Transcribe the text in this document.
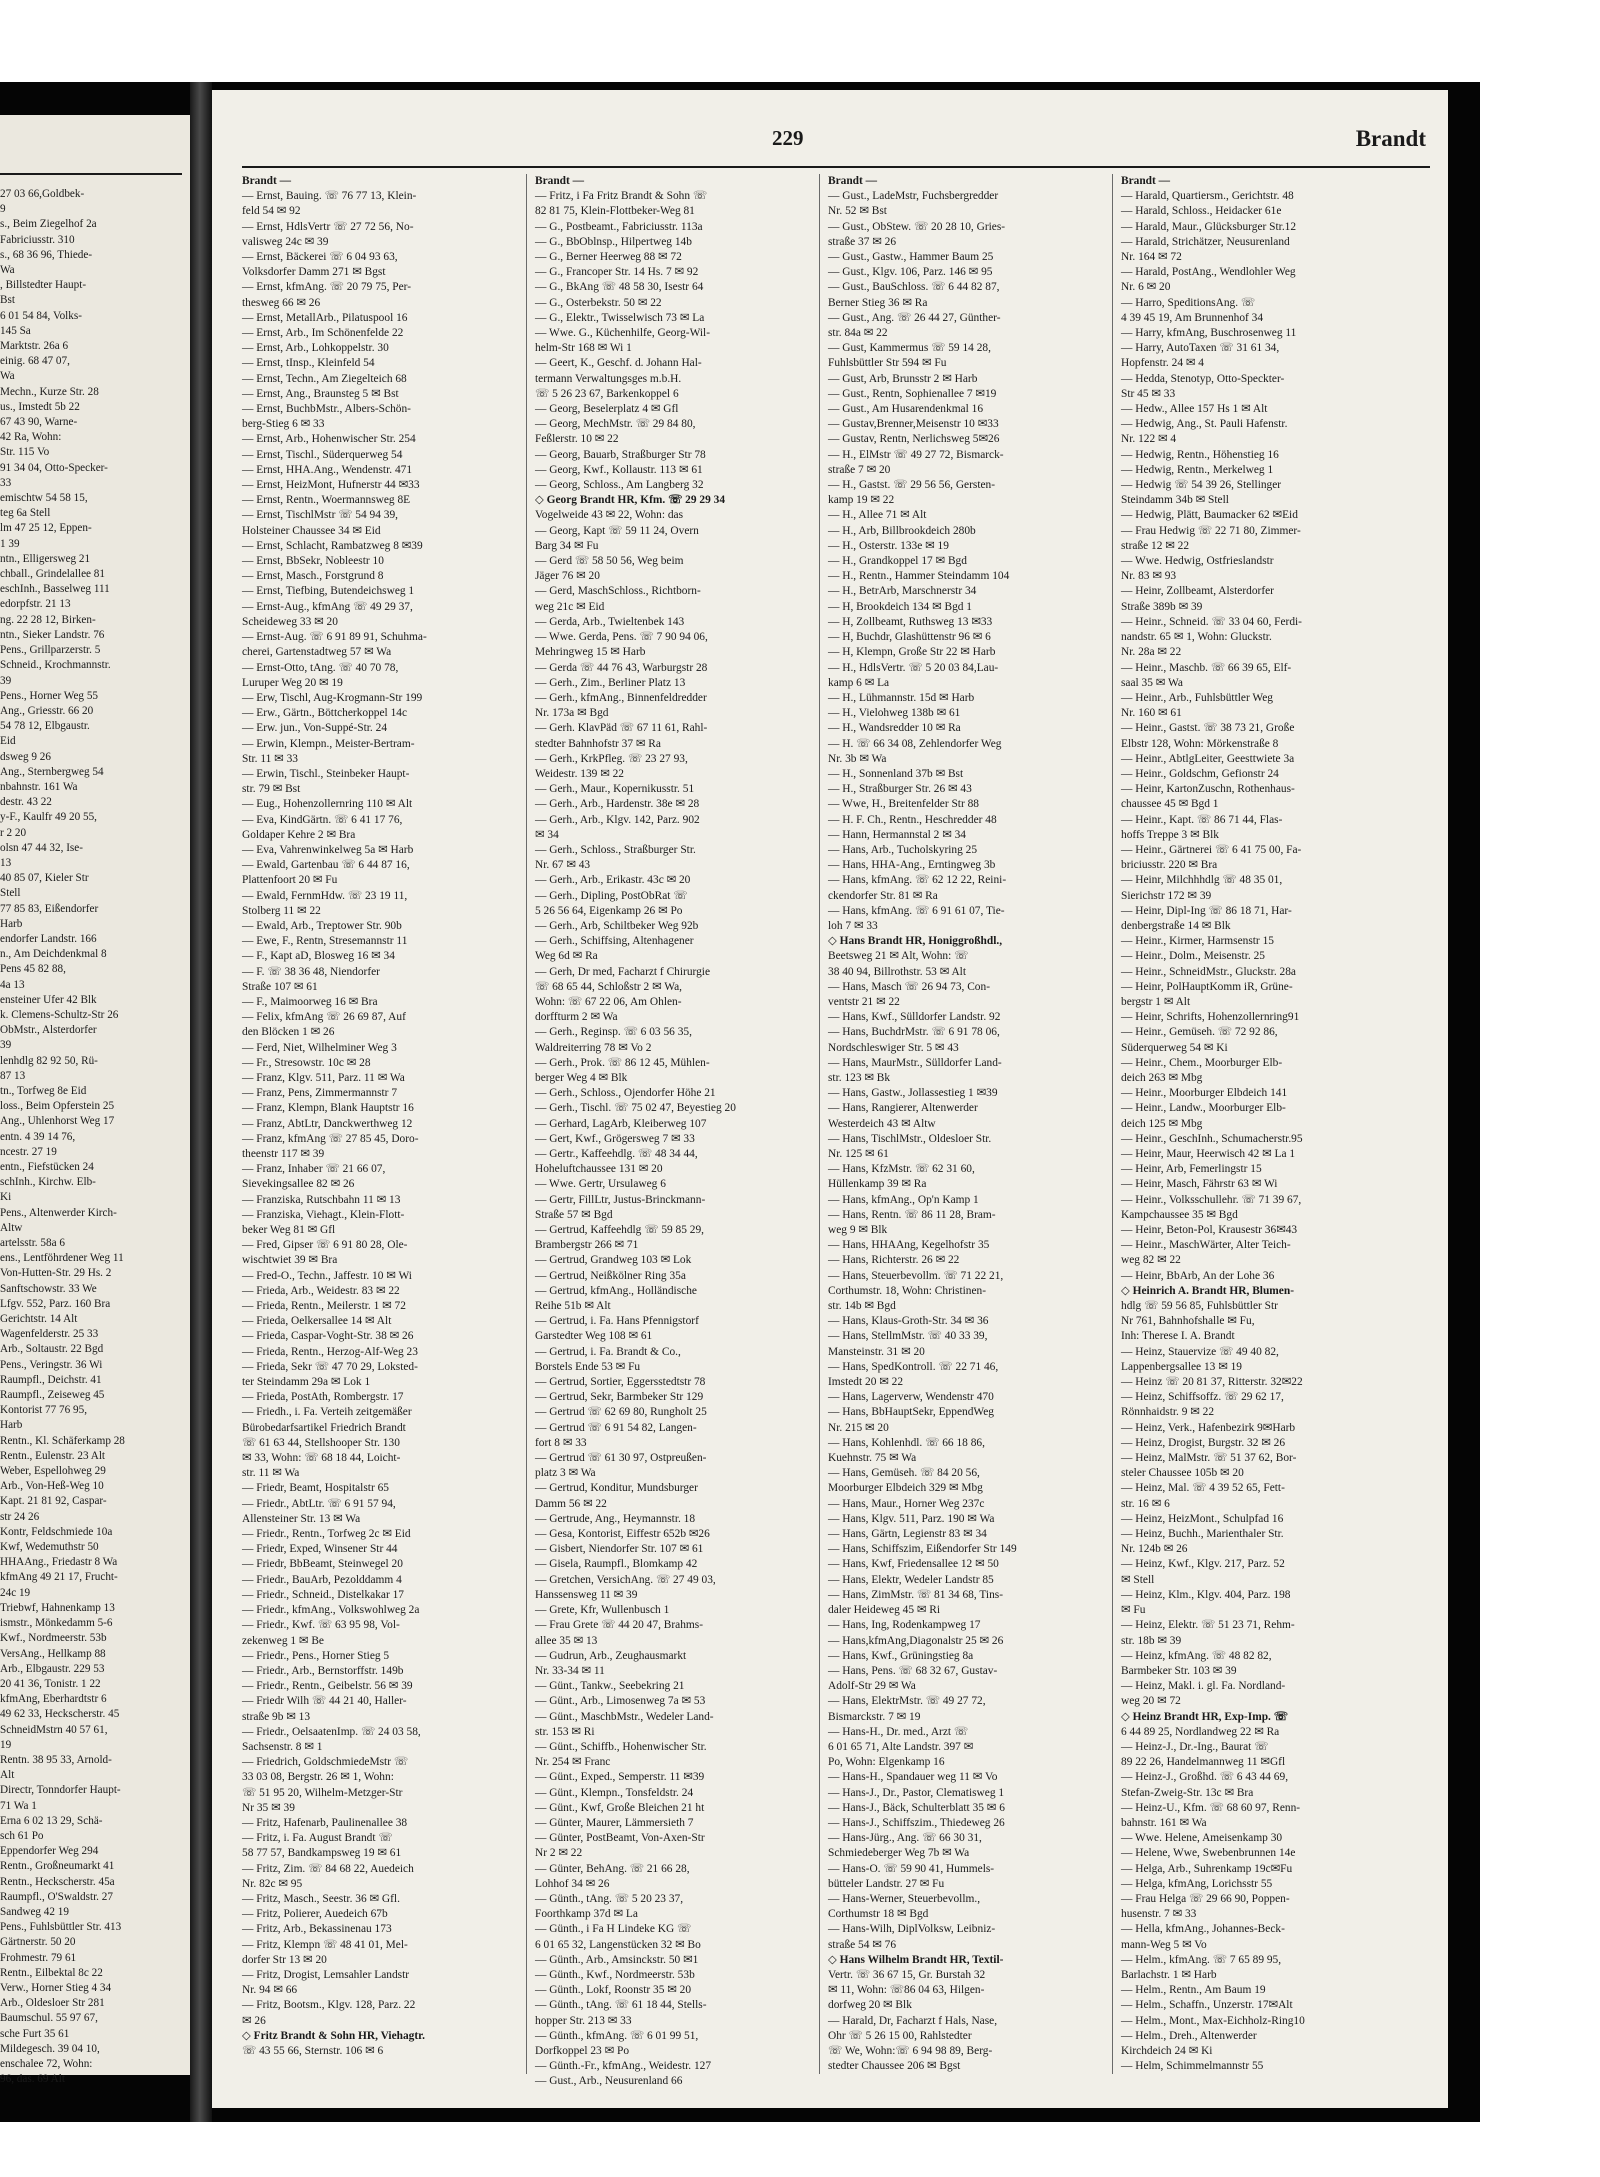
27 03 66,Goldbek-
9
s., Beim Ziegelhof 2a
Fabriciusstr. 310
s., 68 36 96, Thiede-
Wa
, Billstedter Haupt-
Bst
6 01 54 84, Volks-
145 Sa
Marktstr. 26a 6
einig. 68 47 07,
Wa
Mechn., Kurze Str. 28
us., Imstedt 5b 22
67 43 90, Warne-
42 Ra, Wohn:
Str. 115 Vo
91 34 04, Otto-Specker-
33
emischtw 54 58 15,
teg 6a Stell
lm 47 25 12, Eppen-
1 39
ntn., Elligersweg 21
chball., Grindelallee 81
eschInh., Basselweg 111
edorpfstr. 21 13
ng. 22 28 12, Birken-
ntn., Sieker Landstr. 76
Pens., Grillparzerstr. 5
Schneid., Krochmannstr.
39
Pens., Horner Weg 55
Ang., Griesstr. 66 20
54 78 12, Elbgaustr.
Eid
dsweg 9 26
Ang., Sternbergweg 54
nbahnstr. 161 Wa
destr. 43 22
y-F., Kaulfr 49 20 55,
r 2 20
olsn 47 44 32, Ise-
13
40 85 07, Kieler Str
Stell
77 85 83, Eißendorfer
Harb
endorfer Landstr. 166
n., Am Deichdenkmal 8
Pens 45 82 88,
4a 13
ensteiner Ufer 42 Blk
k. Clemens-Schultz-Str 26
ObMstr., Alsterdorfer
39
lenhdlg 82 92 50, Rü-
87 13
tn., Torfweg 8e Eid
loss., Beim Opferstein 25
Ang., Uhlenhorst Weg 17
entn. 4 39 14 76,
ncestr. 27 19
entn., Fiefstücken 24
schInh., Kirchw. Elb-
Ki
Pens., Altenwerder Kirch-
Altw
artelsstr. 58a 6
ens., Lentföhrdener Weg 11
Von-Hutten-Str. 29 Hs. 2
Sanftschowstr. 33 We
Lfgv. 552, Parz. 160 Bra
Gerichtstr. 14 Alt
Wagenfelderstr. 25 33
Arb., Soltaustr. 22 Bgd
Pens., Veringstr. 36 Wi
Raumpfl., Deichstr. 41
Raumpfl., Zeiseweg 45
Kontorist 77 76 95,
Harb
Rentn., Kl. Schäferkamp 28
Rentn., Eulenstr. 23 Alt
Weber, Espellohweg 29
Arb., Von-Heß-Weg 10
Kapt. 21 81 92, Caspar-
str 24 26
Kontr, Feldschmiede 10a
Kwf, Wedemuthstr 50
HHAAng., Friedastr 8 Wa
kfmAng 49 21 17, Frucht-
24c 19
Triebwf, Hahnenkamp 13
ismstr., Mönkedamm 5-6
Kwf., Nordmeerstr. 53b
VersAng., Hellkamp 88
Arb., Elbgaustr. 229 53
20 41 36, Tonistr. 1 22
kfmAng, Eberhardtstr 6
49 62 33, Heckscherstr. 45
SchneidMstrn 40 57 61,
19
Rentn. 38 95 33, Arnold-
Alt
Directr, Tonndorfer Haupt-
71 Wa 1
Erna 6 02 13 29, Schä-
sch 61 Po
Eppendorfer Weg 294
Rentn., Großneumarkt 41
Rentn., Heckscherstr. 45a
Raumpfl., O'Swaldstr. 27
Sandweg 42 19
Pens., Fuhlsbüttler Str. 413
Gärtnerstr. 50 20
Frohmestr. 79 61
Rentn., Eilbektal 8c 22
Verw., Horner Stieg 4 34
Arb., Oldesloer Str 281
Baumschul. 55 97 67,
sche Furt 35 61
Mildegesch. 39 04 10,
enschalee 72, Wohn:
96, das. 69 Alt
229	Brandt
Brandt —
— Ernst, Bauing. ☏ 76 77 13, Klein-
feld 54 ✉ 92
— Ernst, HdlsVertr ☏ 27 72 56, No-
valisweg 24c ✉ 39
— Ernst, Bäckerei ☏ 6 04 93 63,
Volksdorfer Damm 271 ✉ Bgst
— Ernst, kfmAng. ☏ 20 79 75, Per-
thesweg 66 ✉ 26
— Ernst, MetallArb., Pilatuspool 16
— Ernst, Arb., Im Schönenfelde 22
— Ernst, Arb., Lohkoppelstr. 30
— Ernst, tInsp., Kleinfeld 54
— Ernst, Techn., Am Ziegelteich 68
— Ernst, Ang., Braunsteg 5 ✉ Bst
— Ernst, BuchbMstr., Albers-Schön-
berg-Stieg 6 ✉ 33
— Ernst, Arb., Hohenwischer Str. 254
— Ernst, Tischl., Süderquerweg 54
— Ernst, HHA.Ang., Wendenstr. 471
— Ernst, HeizMont, Hufnerstr 44 ✉33
— Ernst, Rentn., Woermannsweg 8E
— Ernst, TischlMstr ☏ 54 94 39,
Holsteiner Chaussee 34 ✉ Eid
— Ernst, Schlacht, Rambatzweg 8 ✉39
— Ernst, BbSekr, Nobleestr 10
— Ernst, Masch., Forstgrund 8
— Ernst, Tiefbing, Butendeichsweg 1
— Ernst-Aug., kfmAng ☏ 49 29 37,
Scheideweg 33 ✉ 20
— Ernst-Aug. ☏ 6 91 89 91, Schuhma-
cherei, Gartenstadtweg 57 ✉ Wa
— Ernst-Otto, tAng. ☏ 40 70 78,
Luruper Weg 20 ✉ 19
— Erw, Tischl, Aug-Krogmann-Str 199
— Erw., Gärtn., Böttcherkoppel 14c
— Erw. jun., Von-Suppé-Str. 24
— Erwin, Klempn., Meister-Bertram-
Str. 11 ✉ 33
— Erwin, Tischl., Steinbeker Haupt-
str. 79 ✉ Bst
— Eug., Hohenzollernring 110 ✉ Alt
— Eva, KindGärtn. ☏ 6 41 17 76,
Goldaper Kehre 2 ✉ Bra
— Eva, Vahrenwinkelweg 5a ✉ Harb
— Ewald, Gartenbau ☏ 6 44 87 16,
Plattenfoort 20 ✉ Fu
— Ewald, FernmHdw. ☏ 23 19 11,
Stolberg 11 ✉ 22
— Ewald, Arb., Treptower Str. 90b
— Ewe, F., Rentn, Stresemannstr 11
— F., Kapt aD, Blosweg 16 ✉ 34
— F. ☏ 38 36 48, Niendorfer
Straße 107 ✉ 61
— F., Maimoorweg 16 ✉ Bra
— Felix, kfmAng ☏ 26 69 87, Auf
den Blöcken 1 ✉ 26
— Ferd, Niet, Wilhelminer Weg 3
— Fr., Stresowstr. 10c ✉ 28
— Franz, Klgv. 511, Parz. 11 ✉ Wa
— Franz, Pens, Zimmermannstr 7
— Franz, Klempn, Blank Hauptstr 16
— Franz, AbtLtr, Danckwerthweg 12
— Franz, kfmAng ☏ 27 85 45, Doro-
theenstr 117 ✉ 39
— Franz, Inhaber ☏ 21 66 07,
Sievekingsallee 82 ✉ 26
— Franziska, Rutschbahn 11 ✉ 13
— Franziska, Viehagt., Klein-Flott-
beker Weg 81 ✉ Gfl
— Fred, Gipser ☏ 6 91 80 28, Ole-
wischtwiet 39 ✉ Bra
— Fred-O., Techn., Jaffestr. 10 ✉ Wi
— Frieda, Arb., Weidestr. 83 ✉ 22
— Frieda, Rentn., Meilerstr. 1 ✉ 72
— Frieda, Oelkersallee 14 ✉ Alt
— Frieda, Caspar-Voght-Str. 38 ✉ 26
— Frieda, Rentn., Herzog-Alf-Weg 23
— Frieda, Sekr ☏ 47 70 29, Loksted-
ter Steindamm 29a ✉ Lok 1
— Frieda, PostAth, Rombergstr. 17
— Friedh., i. Fa. Verteih zeitgemäßer
Bürobedarfsartikel Friedrich Brandt
☏ 61 63 44, Stellshooper Str. 130
✉ 33, Wohn: ☏ 68 18 44, Loicht-
str. 11 ✉ Wa
— Friedr, Beamt, Hospitalstr 65
— Friedr., AbtLtr. ☏ 6 91 57 94,
Allensteiner Str. 13 ✉ Wa
— Friedr., Rentn., Torfweg 2c ✉ Eid
— Friedr, Exped, Winsener Str 44
— Friedr, BbBeamt, Steinwegel 20
— Friedr., BauArb, Pezolddamm 4
— Friedr., Schneid., Distelkakar 17
— Friedr., kfmAng., Volkswohlweg 2a
— Friedr., Kwf. ☏ 63 95 98, Vol-
zekenweg 1 ✉ Be
— Friedr., Pens., Horner Stieg 5
— Friedr., Arb., Bernstorffstr. 149b
— Friedr., Rentn., Geibelstr. 56 ✉ 39
— Friedr Wilh ☏ 44 21 40, Haller-
straße 9b ✉ 13
— Friedr., OelsaatenImp. ☏ 24 03 58,
Sachsenstr. 8 ✉ 1
— Friedrich, GoldschmiedeMstr ☏
33 03 08, Bergstr. 26 ✉ 1, Wohn:
☏ 51 95 20, Wilhelm-Metzger-Str
Nr 35 ✉ 39
— Fritz, Hafenarb, Paulinenallee 38
— Fritz, i. Fa. August Brandt ☏
58 77 57, Bandkampsweg 19 ✉ 61
— Fritz, Zim. ☏ 84 68 22, Auedeich
Nr. 82c ✉ 95
— Fritz, Masch., Seestr. 36 ✉ Gfl.
— Fritz, Polierer, Auedeich 67b
— Fritz, Arb., Bekassinenau 173
— Fritz, Klempn ☏ 48 41 01, Mel-
dorfer Str 13 ✉ 20
— Fritz, Drogist, Lemsahler Landstr
Nr. 94 ✉ 66
— Fritz, Bootsm., Klgv. 128, Parz. 22
✉ 26
◇ Fritz Brandt & Sohn HR, Viehagtr.
☏ 43 55 66, Sternstr. 106 ✉ 6
Brandt —
— Fritz, i Fa Fritz Brandt & Sohn ☏
82 81 75, Klein-Flottbeker-Weg 81
— G., Postbeamt., Fabriciusstr. 113a
— G., BbOblnsp., Hilpertweg 14b
— G., Berner Heerweg 88 ✉ 72
— G., Francoper Str. 14 Hs. 7 ✉ 92
— G., BkAng ☏ 48 58 30, Isestr 64
— G., Osterbekstr. 50 ✉ 22
— G., Elektr., Twisselwisch 73 ✉ La
— Wwe. G., Küchenhilfe, Georg-Wil-
helm-Str 168 ✉ Wi 1
— Geert, K., Geschf. d. Johann Hal-
termann Verwaltungsges m.b.H.
☏ 5 26 23 67, Barkenkoppel 6
— Georg, Beselerplatz 4 ✉ Gfl
— Georg, MechMstr. ☏ 29 84 80,
Feßlerstr. 10 ✉ 22
— Georg, Bauarb, Straßburger Str 78
— Georg, Kwf., Kollaustr. 113 ✉ 61
— Georg, Schloss., Am Langberg 32
◇ Georg Brandt HR, Kfm. ☏ 29 29 34
Vogelweide 43 ✉ 22, Wohn: das
— Georg, Kapt ☏ 59 11 24, Overn
Barg 34 ✉ Fu
— Gerd ☏ 58 50 56, Weg beim
Jäger 76 ✉ 20
— Gerd, MaschSchloss., Richtborn-
weg 21c ✉ Eid
— Gerda, Arb., Twieltenbek 143
— Wwe. Gerda, Pens. ☏ 7 90 94 06,
Mehringweg 15 ✉ Harb
— Gerda ☏ 44 76 43, Warburgstr 28
— Gerh., Zim., Berliner Platz 13
— Gerh., kfmAng., Binnenfeldredder
Nr. 173a ✉ Bgd
— Gerh. KlavPäd ☏ 67 11 61, Rahl-
stedter Bahnhofstr 37 ✉ Ra
— Gerh., KrkPfleg. ☏ 23 27 93,
Weidestr. 139 ✉ 22
— Gerh., Maur., Kopernikusstr. 51
— Gerh., Arb., Hardenstr. 38e ✉ 28
— Gerh., Arb., Klgv. 142, Parz. 902
✉ 34
— Gerh., Schloss., Straßburger Str.
Nr. 67 ✉ 43
— Gerh., Arb., Erikastr. 43c ✉ 20
— Gerh., Dipling, PostObRat ☏
5 26 56 64, Eigenkamp 26 ✉ Po
— Gerh., Arb, Schiltbeker Weg 92b
— Gerh., Schiffsing, Altenhagener
Weg 6d ✉ Ra
— Gerh, Dr med, Facharzt f Chirurgie
☏ 68 65 44, Schloßstr 2 ✉ Wa,
Wohn: ☏ 67 22 06, Am Ohlen-
dorffturm 2 ✉ Wa
— Gerh., Reginsp. ☏ 6 03 56 35,
Waldreiterring 78 ✉ Vo 2
— Gerh., Prok. ☏ 86 12 45, Mühlen-
berger Weg 4 ✉ Blk
— Gerh., Schloss., Ojendorfer Höhe 21
— Gerh., Tischl. ☏ 75 02 47, Beyestieg 20
— Gerhard, LagArb, Kleiberweg 107
— Gert, Kwf., Grögersweg 7 ✉ 33
— Gertr., Kaffeehdlg. ☏ 48 34 44,
Hoheluftchaussee 131 ✉ 20
— Wwe. Gertr, Ursulaweg 6
— Gertr, FillLtr, Justus-Brinckmann-
Straße 57 ✉ Bgd
— Gertrud, Kaffeehdlg ☏ 59 85 29,
Brambergstr 266 ✉ 71
— Gertrud, Grandweg 103 ✉ Lok
— Gertrud, Neißkölner Ring 35a
— Gertrud, kfmAng., Holländische
Reihe 51b ✉ Alt
— Gertrud, i. Fa. Hans Pfennigstorf
Garstedter Weg 108 ✉ 61
— Gertrud, i. Fa. Brandt & Co.,
Borstels Ende 53 ✉ Fu
— Gertrud, Sortier, Eggersstedtstr 78
— Gertrud, Sekr, Barmbeker Str 129
— Gertrud ☏ 62 69 80, Rungholt 25
— Gertrud ☏ 6 91 54 82, Langen-
fort 8 ✉ 33
— Gertrud ☏ 61 30 97, Ostpreußen-
platz 3 ✉ Wa
— Gertrud, Konditur, Mundsburger
Damm 56 ✉ 22
— Gertrude, Ang., Heymannstr. 18
— Gesa, Kontorist, Eiffestr 652b ✉26
— Gisbert, Niendorfer Str. 107 ✉ 61
— Gisela, Raumpfl., Blomkamp 42
— Gretchen, VersichAng. ☏ 27 49 03,
Hanssensweg 11 ✉ 39
— Grete, Kfr, Wullenbusch 1
— Frau Grete ☏ 44 20 47, Brahms-
allee 35 ✉ 13
— Gudrun, Arb., Zeughausmarkt
Nr. 33-34 ✉ 11
— Günt., Tankw., Seebekring 21
— Günt., Arb., Limosenweg 7a ✉ 53
— Günt., MaschbMstr., Wedeler Land-
str. 153 ✉ Ri
— Günt., Schiffb., Hohenwischer Str.
Nr. 254 ✉ Franc
— Günt., Exped., Semperstr. 11 ✉39
— Günt., Klempn., Tonsfeldstr. 24
— Günt., Kwf, Große Bleichen 21 ht
— Günter, Maurer, Lämmersieth 7
— Günter, PostBeamt, Von-Axen-Str
Nr 2 ✉ 22
— Günter, BehAng. ☏ 21 66 28,
Lohhof 34 ✉ 26
— Günth., tAng. ☏ 5 20 23 37,
Foorthkamp 37d ✉ La
— Günth., i Fa H Lindeke KG ☏
6 01 65 32, Langenstücken 32 ✉ Bo
— Günth., Arb., Amsinckstr. 50 ✉1
— Günth., Kwf., Nordmeerstr. 53b
— Günth., Lokf, Roonstr 35 ✉ 20
— Günth., tAng. ☏ 61 18 44, Stells-
hopper Str. 213 ✉ 33
— Günth., kfmAng. ☏ 6 01 99 51,
Dorfkoppel 23 ✉ Po
— Günth.-Fr., kfmAng., Weidestr. 127
— Gust., Arb., Neusurenland 66
Brandt —
— Gust., LadeMstr, Fuchsbergredder
Nr. 52 ✉ Bst
— Gust., ObStew. ☏ 20 28 10, Gries-
straße 37 ✉ 26
— Gust., Gastw., Hammer Baum 25
— Gust., Klgv. 106, Parz. 146 ✉ 95
— Gust., BauSchloss. ☏ 6 44 82 87,
Berner Stieg 36 ✉ Ra
— Gust., Ang. ☏ 26 44 27, Günther-
str. 84a ✉ 22
— Gust, Kammermus ☏ 59 14 28,
Fuhlsbüttler Str 594 ✉ Fu
— Gust, Arb, Brunsstr 2 ✉ Harb
— Gust., Rentn, Sophienallee 7 ✉19
— Gust., Am Husarendenkmal 16
— Gustav,Brenner,Meisenstr 10 ✉33
— Gustav, Rentn, Nerlichsweg 5✉26
— H., ElMstr ☏ 49 27 72, Bismarck-
straße 7 ✉ 20
— H., Gastst. ☏ 29 56 56, Gersten-
kamp 19 ✉ 22
— H., Allee 71 ✉ Alt
— H., Arb, Billbrookdeich 280b
— H., Osterstr. 133e ✉ 19
— H., Grandkoppel 17 ✉ Bgd
— H., Rentn., Hammer Steindamm 104
— H., BetrArb, Marschnerstr 34
— H, Brookdeich 134 ✉ Bgd 1
— H, Zollbeamt, Ruthsweg 13 ✉33
— H, Buchdr, Glashüttenstr 96 ✉ 6
— H, Klempn, Große Str 22 ✉ Harb
— H., HdlsVertr. ☏ 5 20 03 84,Lau-
kamp 6 ✉ La
— H., Lühmannstr. 15d ✉ Harb
— H., Vielohweg 138b ✉ 61
— H., Wandsredder 10 ✉ Ra
— H. ☏ 66 34 08, Zehlendorfer Weg
Nr. 3b ✉ Wa
— H., Sonnenland 37b ✉ Bst
— H., Straßburger Str. 26 ✉ 43
— Wwe, H., Breitenfelder Str 88
— H. F. Ch., Rentn., Heschredder 48
— Hann, Hermannstal 2 ✉ 34
— Hans, Arb., Tucholskyring 25
— Hans, HHA-Ang., Erntingweg 3b
— Hans, kfmAng. ☏ 62 12 22, Reini-
ckendorfer Str. 81 ✉ Ra
— Hans, kfmAng. ☏ 6 91 61 07, Tie-
loh 7 ✉ 33
◇ Hans Brandt HR, Honiggroßhdl.,
Beetsweg 21 ✉ Alt, Wohn: ☏
38 40 94, Billrothstr. 53 ✉ Alt
— Hans, Masch ☏ 26 94 73, Con-
ventstr 21 ✉ 22
— Hans, Kwf., Sülldorfer Landstr. 92
— Hans, BuchdrMstr. ☏ 6 91 78 06,
Nordschleswiger Str. 5 ✉ 43
— Hans, MaurMstr., Sülldorfer Land-
str. 123 ✉ Bk
— Hans, Gastw., Jollassestieg 1 ✉39
— Hans, Rangierer, Altenwerder
Westerdeich 43 ✉ Altw
— Hans, TischlMstr., Oldesloer Str.
Nr. 125 ✉ 61
— Hans, KfzMstr. ☏ 62 31 60,
Hüllenkamp 39 ✉ Ra
— Hans, kfmAng., Op'n Kamp 1
— Hans, Rentn. ☏ 86 11 28, Bram-
weg 9 ✉ Blk
— Hans, HHAAng, Kegelhofstr 35
— Hans, Richterstr. 26 ✉ 22
— Hans, Steuerbevollm. ☏ 71 22 21,
Corthumstr. 18, Wohn: Christinen-
str. 14b ✉ Bgd
— Hans, Klaus-Groth-Str. 34 ✉ 36
— Hans, StellmMstr. ☏ 40 33 39,
Mansteinstr. 31 ✉ 20
— Hans, SpedKontroll. ☏ 22 71 46,
Imstedt 20 ✉ 22
— Hans, Lagerverw, Wendenstr 470
— Hans, BbHauptSekr, EppendWeg
Nr. 215 ✉ 20
— Hans, Kohlenhdl. ☏ 66 18 86,
Kuehnstr. 75 ✉ Wa
— Hans, Gemüseh. ☏ 84 20 56,
Moorburger Elbdeich 329 ✉ Mbg
— Hans, Maur., Horner Weg 237c
— Hans, Klgv. 511, Parz. 190 ✉ Wa
— Hans, Gärtn, Legienstr 83 ✉ 34
— Hans, Schiffszim, Eißendorfer Str 149
— Hans, Kwf, Friedensallee 12 ✉ 50
— Hans, Elektr, Wedeler Landstr 85
— Hans, ZimMstr. ☏ 81 34 68, Tins-
daler Heideweg 45 ✉ Ri
— Hans, Ing, Rodenkampweg 17
— Hans,kfmAng,Diagonalstr 25 ✉ 26
— Hans, Kwf., Grüningstieg 8a
— Hans, Pens. ☏ 68 32 67, Gustav-
Adolf-Str 29 ✉ Wa
— Hans, ElektrMstr. ☏ 49 27 72,
Bismarckstr. 7 ✉ 19
— Hans-H., Dr. med., Arzt ☏
6 01 65 71, Alte Landstr. 397 ✉
Po, Wohn: Elgenkamp 16
— Hans-H., Spandauer weg 11 ✉ Vo
— Hans-J., Dr., Pastor, Clematisweg 1
— Hans-J., Bäck, Schulterblatt 35 ✉ 6
— Hans-J., Schiffszim., Thiedeweg 26
— Hans-Jürg., Ang. ☏ 66 30 31,
Schmiedeberger Weg 7b ✉ Wa
— Hans-O. ☏ 59 90 41, Hummels-
bütteler Landstr. 27 ✉ Fu
— Hans-Werner, Steuerbevollm.,
Corthumstr 18 ✉ Bgd
— Hans-Wilh, DiplVolksw, Leibniz-
straße 54 ✉ 76
◇ Hans Wilhelm Brandt HR, Textil-
Vertr. ☏ 36 67 15, Gr. Burstah 32
✉ 11, Wohn: ☏86 04 63, Hilgen-
dorfweg 20 ✉ Blk
— Harald, Dr, Facharzt f Hals, Nase,
Ohr ☏ 5 26 15 00, Rahlstedter
☏ We, Wohn:☏ 6 94 98 89, Berg-
stedter Chaussee 206 ✉ Bgst
Brandt —
— Harald, Quartiersm., Gerichtstr. 48
— Harald, Schloss., Heidacker 61e
— Harald, Maur., Glücksburger Str.12
— Harald, Strichätzer, Neusurenland
Nr. 164 ✉ 72
— Harald, PostAng., Wendlohler Weg
Nr. 6 ✉ 20
— Harro, SpeditionsAng. ☏
4 39 45 19, Am Brunnenhof 34
— Harry, kfmAng, Buschrosenweg 11
— Harry, AutoTaxen ☏ 31 61 34,
Hopfenstr. 24 ✉ 4
— Hedda, Stenotyp, Otto-Speckter-
Str 45 ✉ 33
— Hedw., Allee 157 Hs 1 ✉ Alt
— Hedwig, Ang., St. Pauli Hafenstr.
Nr. 122 ✉ 4
— Hedwig, Rentn., Höhenstieg 16
— Hedwig, Rentn., Merkelweg 1
— Hedwig ☏ 54 39 26, Stellinger
Steindamm 34b ✉ Stell
— Hedwig, Plätt, Baumacker 62 ✉Eid
— Frau Hedwig ☏ 22 71 80, Zimmer-
straße 12 ✉ 22
— Wwe. Hedwig, Ostfrieslandstr
Nr. 83 ✉ 93
— Heinr, Zollbeamt, Alsterdorfer
Straße 389b ✉ 39
— Heinr., Schneid. ☏ 33 04 60, Ferdi-
nandstr. 65 ✉ 1, Wohn: Gluckstr.
Nr. 28a ✉ 22
— Heinr., Maschb. ☏ 66 39 65, Elf-
saal 35 ✉ Wa
— Heinr., Arb., Fuhlsbüttler Weg
Nr. 160 ✉ 61
— Heinr., Gastst. ☏ 38 73 21, Große
Elbstr 128, Wohn: Mörkenstraße 8
— Heinr., AbtlgLeiter, Geesttwiete 3a
— Heinr., Goldschm, Gefionstr 24
— Heinr, KartonZuschn, Rothenhaus-
chaussee 45 ✉ Bgd 1
— Heinr., Kapt. ☏ 86 71 44, Flas-
hoffs Treppe 3 ✉ Blk
— Heinr., Gärtnerei ☏ 6 41 75 00, Fa-
briciusstr. 220 ✉ Bra
— Heinr, Milchhhdlg ☏ 48 35 01,
Sierichstr 172 ✉ 39
— Heinr, Dipl-Ing ☏ 86 18 71, Har-
denbergstraße 14 ✉ Blk
— Heinr., Kirmer, Harmsenstr 15
— Heinr., Dolm., Meisenstr. 25
— Heinr., SchneidMstr., Gluckstr. 28a
— Heinr, PolHauptKomm iR, Grüne-
bergstr 1 ✉ Alt
— Heinr, Schrifts, Hohenzollernring91
— Heinr., Gemüseh. ☏ 72 92 86,
Süderquerweg 54 ✉ Ki
— Heinr., Chem., Moorburger Elb-
deich 263 ✉ Mbg
— Heinr., Moorburger Elbdeich 141
— Heinr., Landw., Moorburger Elb-
deich 125 ✉ Mbg
— Heinr., GeschInh., Schumacherstr.95
— Heinr, Maur, Heerwisch 42 ✉ La 1
— Heinr, Arb, Femerlingstr 15
— Heinr, Masch, Fährstr 63 ✉ Wi
— Heinr., Volksschullehr. ☏ 71 39 67,
Kampchaussee 35 ✉ Bgd
— Heinr, Beton-Pol, Krausestr 36✉43
— Heinr., MaschWärter, Alter Teich-
weg 82 ✉ 22
— Heinr, BbArb, An der Lohe 36
◇ Heinrich A. Brandt HR, Blumen-
hdlg ☏ 59 56 85, Fuhlsbüttler Str
Nr 761, Bahnhofshalle ✉ Fu,
Inh: Therese I. A. Brandt
— Heinz, Stauervize ☏ 49 40 82,
Lappenbergsallee 13 ✉ 19
— Heinz ☏ 20 81 37, Ritterstr. 32✉22
— Heinz, Schiffsoffz. ☏ 29 62 17,
Rönnhaidstr. 9 ✉ 22
— Heinz, Verk., Hafenbezirk 9✉Harb
— Heinz, Drogist, Burgstr. 32 ✉ 26
— Heinz, MalMstr. ☏ 51 37 62, Bor-
steler Chaussee 105b ✉ 20
— Heinz, Mal. ☏ 4 39 52 65, Fett-
str. 16 ✉ 6
— Heinz, HeizMont., Schulpfad 16
— Heinz, Buchh., Marienthaler Str.
Nr. 124b ✉ 26
— Heinz, Kwf., Klgv. 217, Parz. 52
✉ Stell
— Heinz, Klm., Klgv. 404, Parz. 198
✉ Fu
— Heinz, Elektr. ☏ 51 23 71, Rehm-
str. 18b ✉ 39
— Heinz, kfmAng. ☏ 48 82 82,
Barmbeker Str. 103 ✉ 39
— Heinz, Makl. i. gl. Fa. Nordland-
weg 20 ✉ 72
◇ Heinz Brandt HR, Exp-Imp. ☏
6 44 89 25, Nordlandweg 22 ✉ Ra
— Heinz-J., Dr.-Ing., Baurat ☏
89 22 26, Handelmannweg 11 ✉Gfl
— Heinz-J., Großhd. ☏ 6 43 44 69,
Stefan-Zweig-Str. 13c ✉ Bra
— Heinz-U., Kfm. ☏ 68 60 97, Renn-
bahnstr. 161 ✉ Wa
— Wwe. Helene, Ameisenkamp 30
— Helene, Wwe, Swebenbrunnen 14e
— Helga, Arb., Suhrenkamp 19c✉Fu
— Helga, kfmAng, Lorichsstr 55
— Frau Helga ☏ 29 66 90, Poppen-
husenstr. 7 ✉ 33
— Hella, kfmAng., Johannes-Beck-
mann-Weg 5 ✉ Vo
— Helm., kfmAng. ☏ 7 65 89 95,
Barlachstr. 1 ✉ Harb
— Helm., Rentn., Am Baum 19
— Helm., Schaffn., Unzerstr. 17✉Alt
— Helm., Mont., Max-Eichholz-Ring10
— Helm., Dreh., Altenwerder
Kirchdeich 24 ✉ Ki
— Helm, Schimmelmannstr 55
